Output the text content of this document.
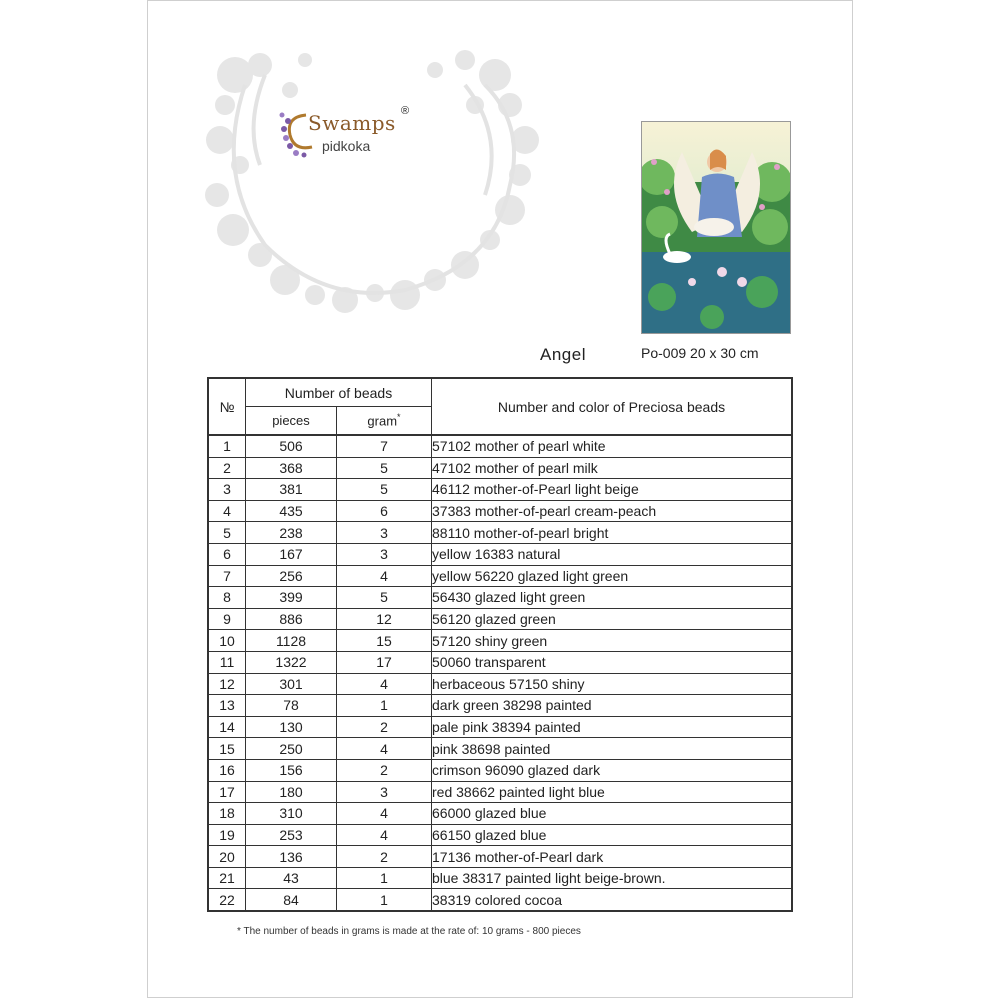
Swamps
pidkoka
®
Angel	Po-009 20 x 30 cm
№	Number of beads		Number and color of Preciosa beads
	pieces	gram*
1	506	7	57102 mother of pearl white
2	368	5	47102 mother of pearl milk
3	381	5	46112 mother-of-Pearl light beige
4	435	6	37383 mother-of-pearl cream-peach
5	238	3	88110 mother-of-pearl bright
6	167	3	yellow 16383 natural
7	256	4	yellow 56220 glazed light green
8	399	5	56430 glazed light green
9	886	12	56120 glazed green
10	1128	15	57120 shiny green
11	1322	17	50060 transparent
12	301	4	herbaceous 57150 shiny
13	78	1	dark green 38298 painted
14	130	2	pale pink 38394 painted
15	250	4	pink 38698 painted
16	156	2	crimson 96090 glazed dark
17	180	3	red 38662 painted light blue
18	310	4	66000 glazed blue
19	253	4	66150 glazed blue
20	136	2	17136 mother-of-Pearl dark
21	43	1	blue 38317 painted light beige-brown.
22	84	1	38319 colored cocoa
* The number of beads in grams is made at the rate of: 10 grams - 800 pieces
